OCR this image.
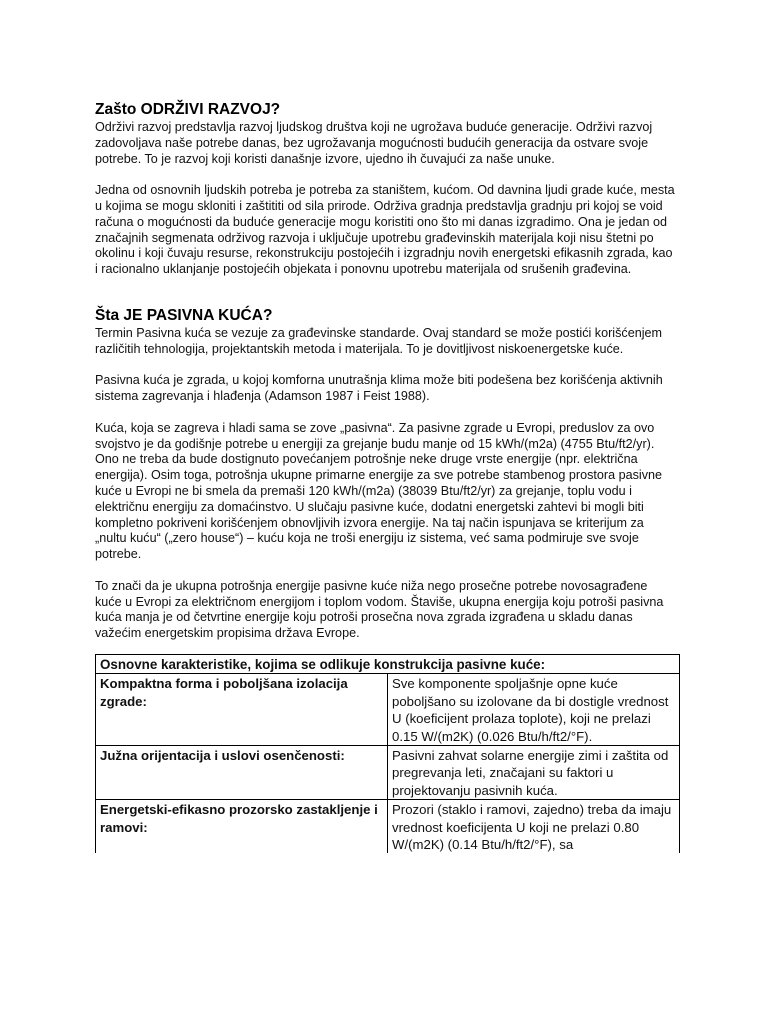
Zašto ODRŽIVI RAZVOJ?

Održivi razvoj predstavlja razvoj ljudskog društva koji ne ugrožava buduće generacije. Održivi razvoj zadovoljava naše potrebe danas, bez ugrožavanja mogućnosti budućih generacija da ostvare svoje potrebe. To je razvoj koji koristi današnje izvore, ujedno ih čuvajući za naše unuke.

Jedna od osnovnih ljudskih potreba je potreba za staništem, kućom. Od davnina ljudi grade kuće, mesta u kojima se mogu skloniti i zaštititi od sila prirode. Održiva gradnja predstavlja gradnju pri kojoj se void računa o mogućnosti da buduće generacije mogu koristiti ono što mi danas izgradimo. Ona je jedan od značajnih segmenata održivog razvoja i uključuje upotrebu građevinskih materijala koji nisu štetni po okolinu i koji čuvaju resurse, rekonstrukciju postojećih i izgradnju novih energetski efikasnih zgrada, kao i racionalno uklanjanje postojećih objekata i ponovnu upotrebu materijala od srušenih građevina.

Šta JE PASIVNA KUĆA?

Termin Pasivna kuća se vezuje za građevinske standarde. Ovaj standard se može postići korišćenjem različitih tehnologija, projektantskih metoda i materijala. To je dovitljivost niskoenergetske kuće.

Pasivna kuća je zgrada, u kojoj komforna unutrašnja klima može biti podešena bez korišćenja aktivnih sistema zagrevanja i hlađenja (Adamson 1987 i Feist 1988).

Kuća, koja se zagreva i hladi sama se zove „pasivna“. Za pasivne zgrade u Evropi, preduslov za ovo svojstvo je da godišnje potrebe u energiji za grejanje budu manje od 15 kWh/(m2a) (4755 Btu/ft2/yr). Ono ne treba da bude dostignuto povećanjem potrošnje neke druge vrste energije (npr. električna energija). Osim toga, potrošnja ukupne primarne energije za sve potrebe stambenog prostora pasivne kuće u Evropi ne bi smela da premaši 120 kWh/(m2a) (38039 Btu/ft2/yr) za grejanje, toplu vodu i električnu energiju za domaćinstvo. U slučaju pasivne kuće, dodatni energetski zahtevi bi mogli biti kompletno pokriveni korišćenjem obnovljivih izvora energije. Na taj način ispunjava se kriterijum za „nultu kuću“ („zero house“) – kuću koja ne troši energiju iz sistema, već sama podmiruje sve svoje potrebe.

To znači da je ukupna potrošnja energije pasivne kuće niža nego prosečne potrebe novosagrađene kuće u Evropi za električnom energijom i toplom vodom. Štaviše, ukupna energija koju potroši pasivna kuća manja je od četvrtine energije koju potroši prosečna nova zgrada izgrađena u skladu danas važećim energetskim propisima država Evrope.

Osnovne karakteristike, kojima se odlikuje konstrukcija pasivne kuće:	
Kompaktna forma i poboljšana izolacija zgrade:	Sve komponente spoljašnje opne kuće poboljšano su izolovane da bi dostigle vrednost U (koeficijent prolaza toplote), koji ne prelazi 0.15 W/(m2K) (0.026 Btu/h/ft2/°F).
Južna orijentacija i uslovi osenčenosti:	Pasivni zahvat solarne energije zimi i zaštita od pregrevanja leti, značajani su faktori u projektovanju pasivnih kuća.
Energetski-efikasno prozorsko zastakljenje i ramovi:	Prozori (staklo i ramovi, zajedno) treba da imaju vrednost koeficijenta U koji ne prelazi 0.80 W/(m2K) (0.14 Btu/h/ft2/°F), sa
